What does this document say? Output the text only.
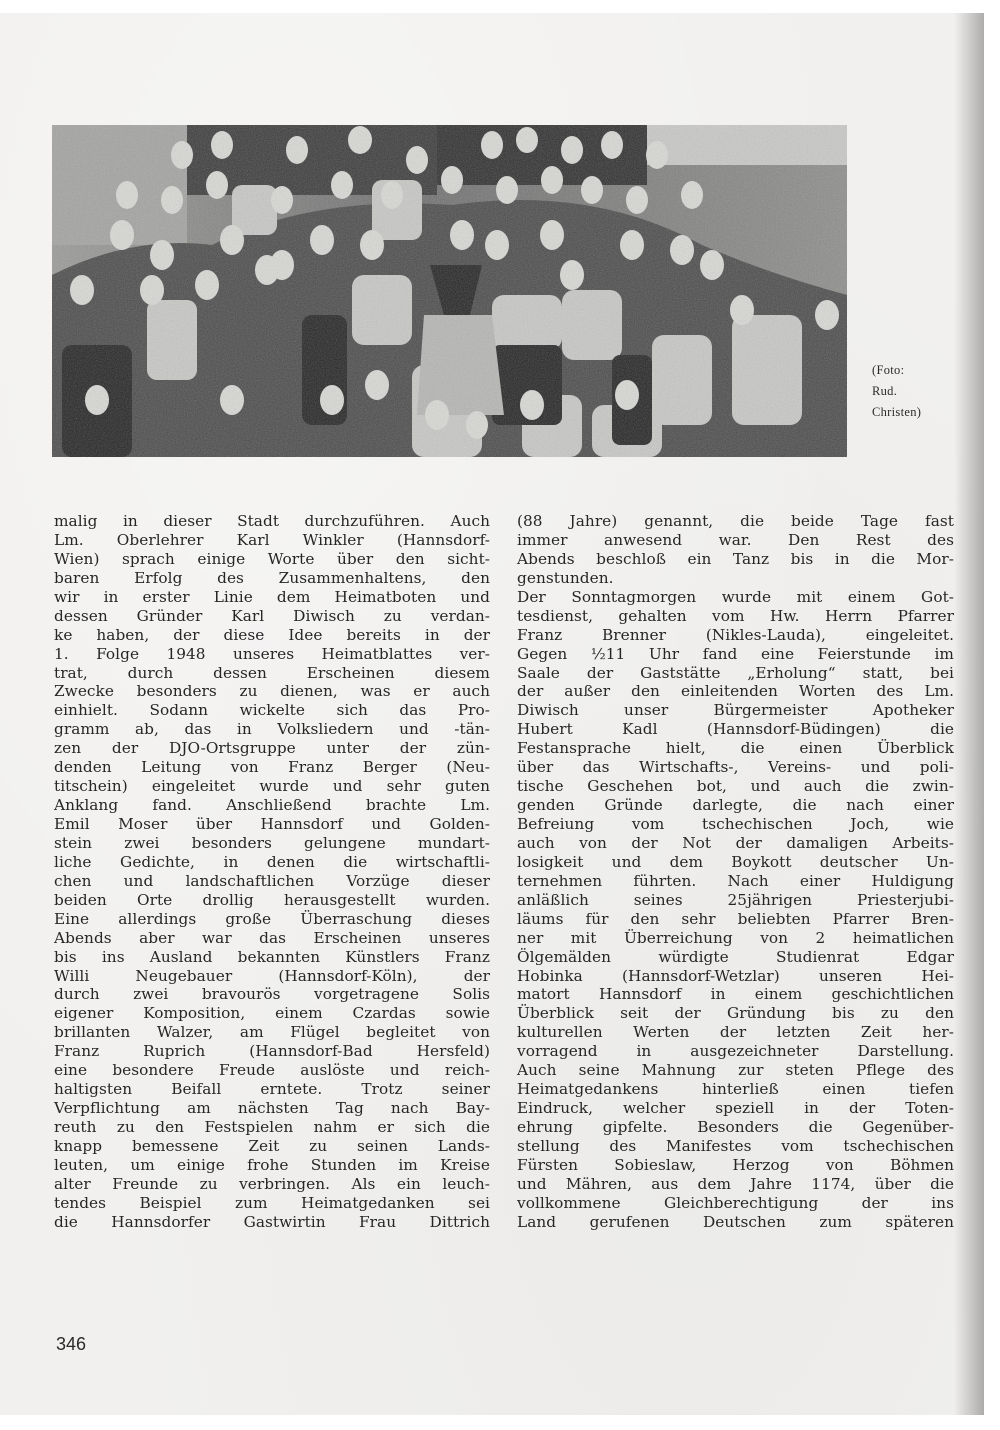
(Foto:
Rud.
Christen)
malig in dieser Stadt durchzuführen. Auch
Lm. Oberlehrer Karl Winkler (Hannsdorf-
Wien) sprach einige Worte über den sicht-
baren Erfolg des Zusammenhaltens, den
wir in erster Linie dem Heimatboten und
dessen Gründer Karl Diwisch zu verdan-
ke haben, der diese Idee bereits in der
1. Folge 1948 unseres Heimatblattes ver-
trat, durch dessen Erscheinen diesem
Zwecke besonders zu dienen, was er auch
einhielt. Sodann wickelte sich das Pro-
gramm ab, das in Volksliedern und -tän-
zen der DJO-Ortsgruppe unter der zün-
denden Leitung von Franz Berger (Neu-
titschein) eingeleitet wurde und sehr guten
Anklang fand. Anschließend brachte Lm.
Emil Moser über Hannsdorf und Golden-
stein zwei besonders gelungene mundart-
liche Gedichte, in denen die wirtschaftli-
chen und landschaftlichen Vorzüge dieser
beiden Orte drollig herausgestellt wurden.
Eine allerdings große Überraschung dieses
Abends aber war das Erscheinen unseres
bis ins Ausland bekannten Künstlers Franz
Willi Neugebauer (Hannsdorf-Köln), der
durch zwei bravourös vorgetragene Solis
eigener Komposition, einem Czardas sowie
brillanten Walzer, am Flügel begleitet von
Franz Ruprich (Hannsdorf-Bad Hersfeld)
eine besondere Freude auslöste und reich-
haltigsten Beifall erntete. Trotz seiner
Verpflichtung am nächsten Tag nach Bay-
reuth zu den Festspielen nahm er sich die
knapp bemessene Zeit zu seinen Lands-
leuten, um einige frohe Stunden im Kreise
alter Freunde zu verbringen. Als ein leuch-
tendes Beispiel zum Heimatgedanken sei
die Hannsdorfer Gastwirtin Frau Dittrich
(88 Jahre) genannt, die beide Tage fast
immer anwesend war. Den Rest des
Abends beschloß ein Tanz bis in die Mor-
genstunden.
Der Sonntagmorgen wurde mit einem Got-
tesdienst, gehalten vom Hw. Herrn Pfarrer
Franz Brenner (Nikles-Lauda), eingeleitet.
Gegen ½11 Uhr fand eine Feierstunde im
Saale der Gaststätte „Erholung“ statt, bei
der außer den einleitenden Worten des Lm.
Diwisch unser Bürgermeister Apotheker
Hubert Kadl (Hannsdorf-Büdingen) die
Festansprache hielt, die einen Überblick
über das Wirtschafts-, Vereins- und poli-
tische Geschehen bot, und auch die zwin-
genden Gründe darlegte, die nach einer
Befreiung vom tschechischen Joch, wie
auch von der Not der damaligen Arbeits-
losigkeit und dem Boykott deutscher Un-
ternehmen führten. Nach einer Huldigung
anläßlich seines 25jährigen Priesterjubi-
läums für den sehr beliebten Pfarrer Bren-
ner mit Überreichung von 2 heimatlichen
Ölgemälden würdigte Studienrat Edgar
Hobinka (Hannsdorf-Wetzlar) unseren Hei-
matort Hannsdorf in einem geschichtlichen
Überblick seit der Gründung bis zu den
kulturellen Werten der letzten Zeit her-
vorragend in ausgezeichneter Darstellung.
Auch seine Mahnung zur steten Pflege des
Heimatgedankens hinterließ einen tiefen
Eindruck, welcher speziell in der Toten-
ehrung gipfelte. Besonders die Gegenüber-
stellung des Manifestes vom tschechischen
Fürsten Sobieslaw, Herzog von Böhmen
und Mähren, aus dem Jahre 1174, über die
vollkommene Gleichberechtigung der ins
Land gerufenen Deutschen zum späteren
346
